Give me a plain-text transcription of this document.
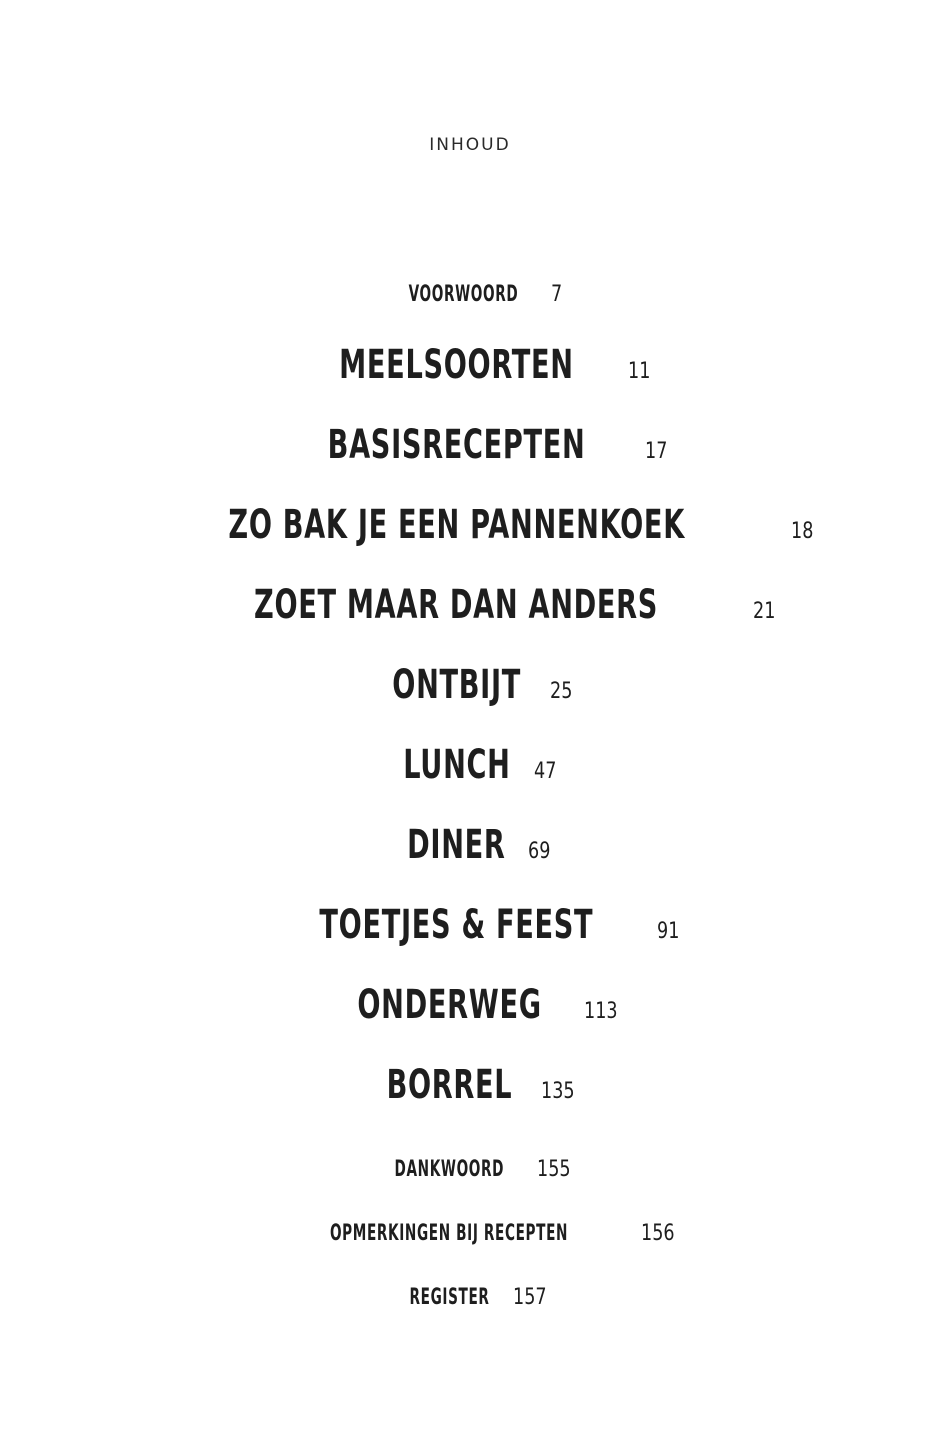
INHOUD
VOORWOORD 7
MEELSOORTEN 11
BASISRECEPTEN	17
ZO BAK JE EEN PANNENKOEK	18
ZOET MAAR DAN ANDERS	21
ONTBIJT 25
LUNCH 47
DINER 69
TOETJES & FEEST	91
ONDERWEG 113
BORREL 135
DANKWOORD 155
OPMERKINGEN BIJ RECEPTEN	156
REGISTER 157
